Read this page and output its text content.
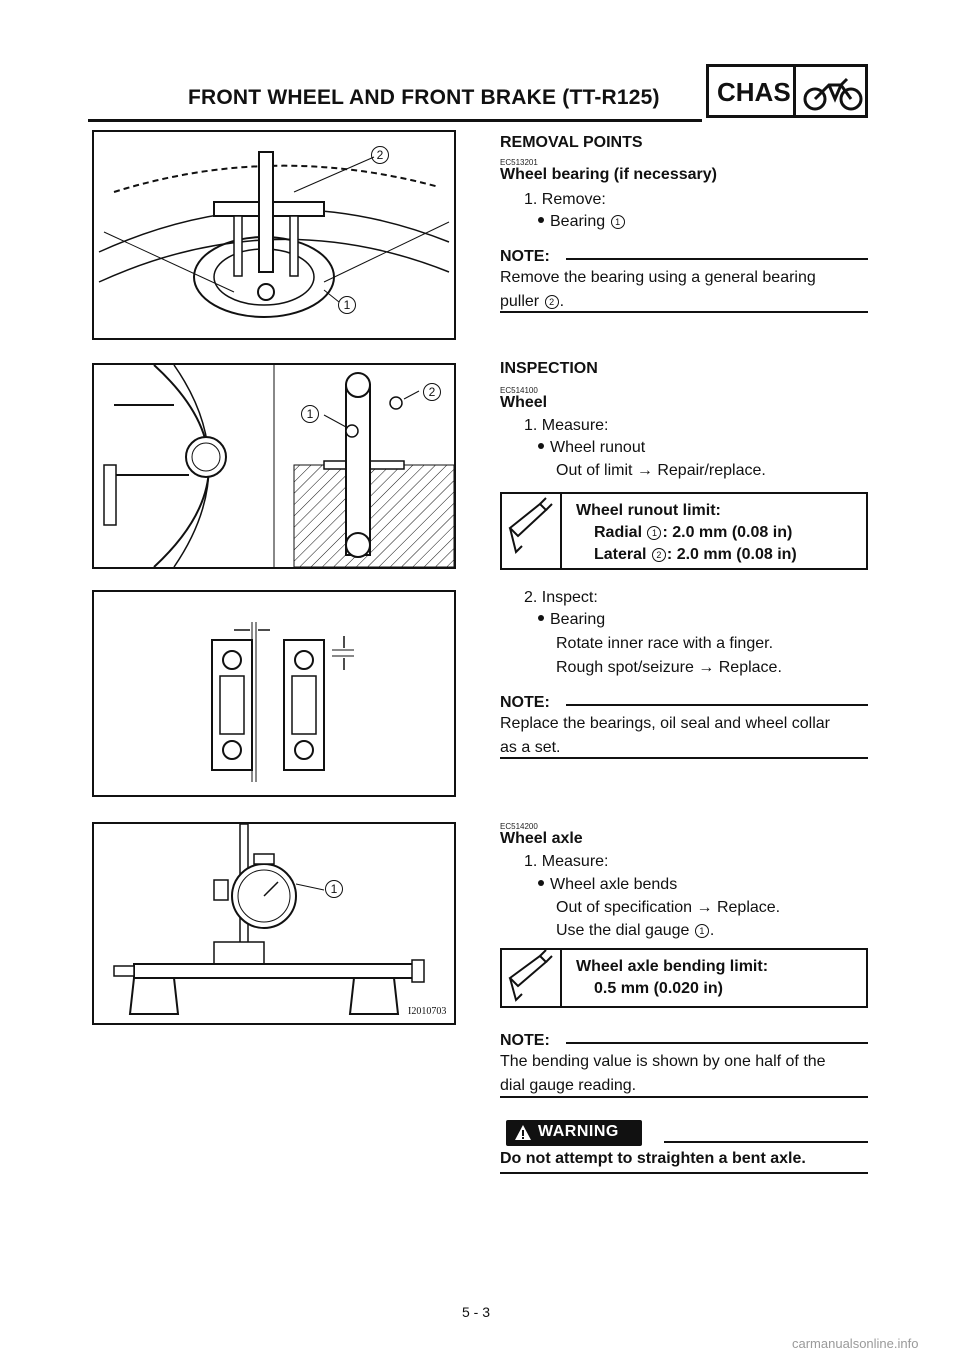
FRONT WHEEL AND FRONT BRAKE (TT-R125) CHAS
2
1
1
2
1
I2010703
REMOVAL POINTS
EC513201
Wheel bearing (if necessary)
1. Remove:
Bearing 1
NOTE:
Remove the bearing using a general bearing
puller 2 .
INSPECTION
EC514100
Wheel
1. Measure:
Wheel runout
Out of limit → Repair/replace.
Wheel runout limit:
Radial 1 : 2.0 mm (0.08 in)
Lateral 2 : 2.0 mm (0.08 in)
2. Inspect:
Bearing
Rotate inner race with a finger.
Rough spot/seizure → Replace.
NOTE:
Replace the bearings, oil seal and wheel collar
as a set.
EC514200
Wheel axle
1. Measure:
Wheel axle bends
Out of specification → Replace.
Use the dial gauge 1 .
Wheel axle bending limit:
0.5 mm (0.020 in)
NOTE:
The bending value is shown by one half of the
dial gauge reading.
WARNING
Do not attempt to straighten a bent axle.
5 - 3
carmanualsonline.info
